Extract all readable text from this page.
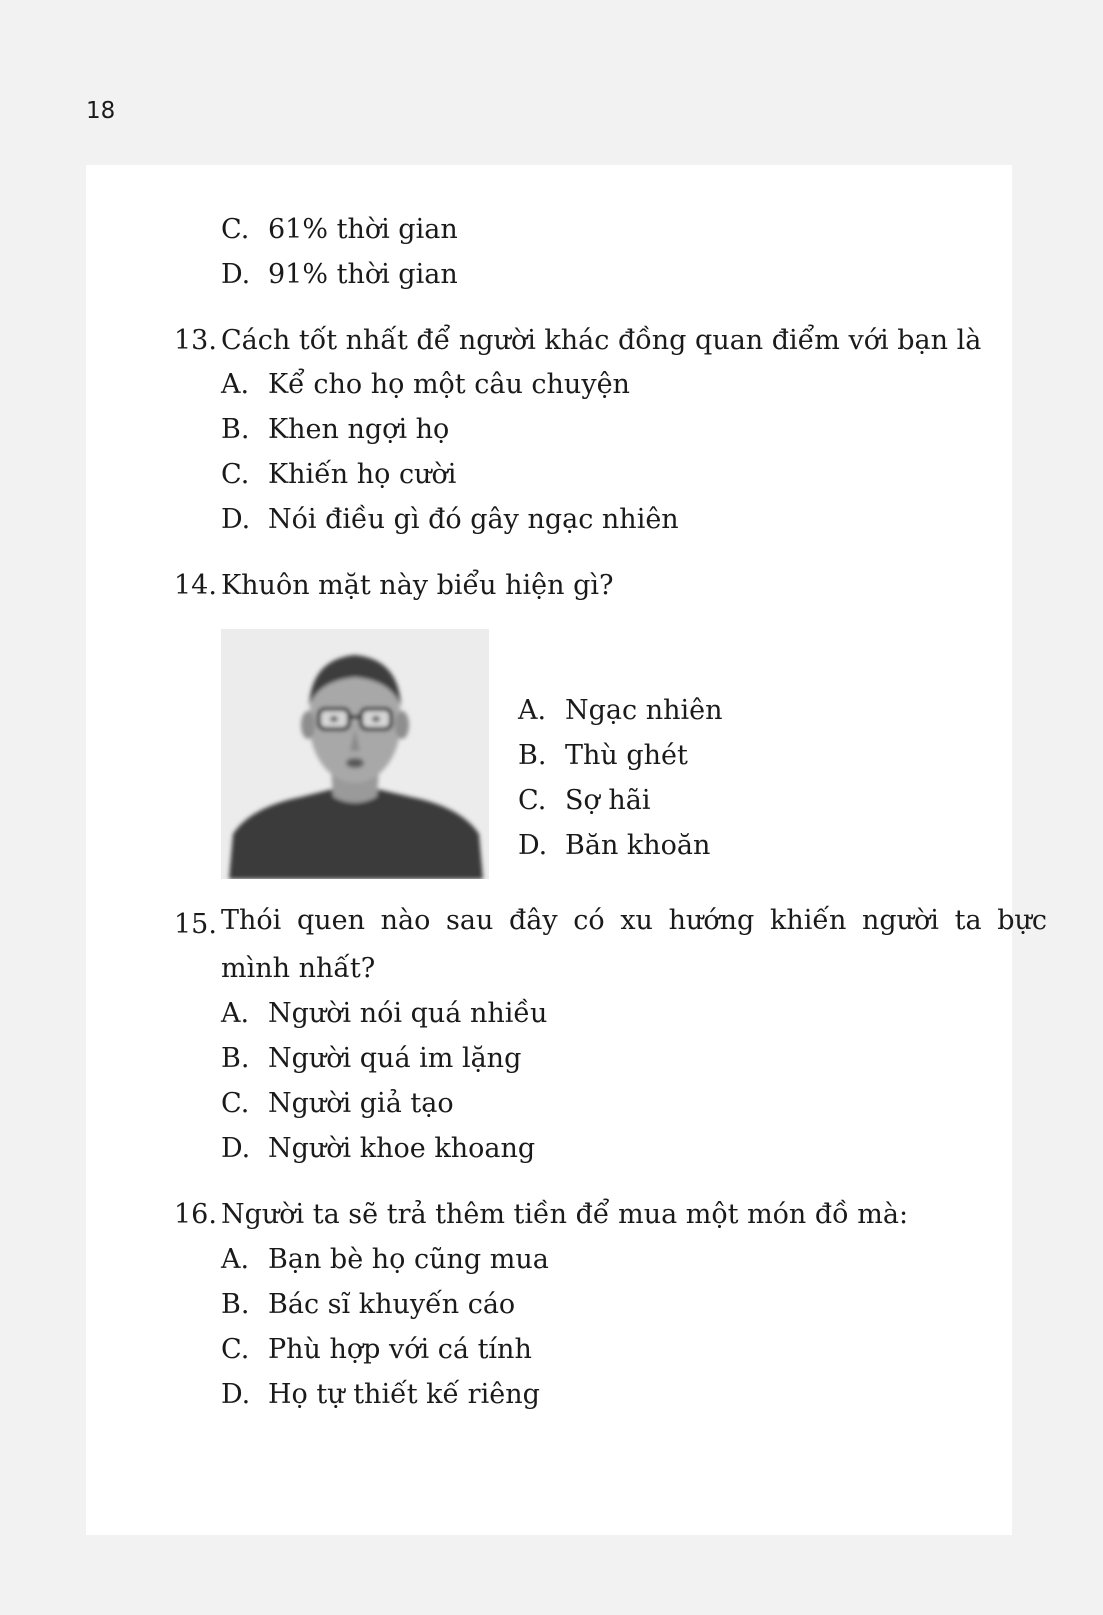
18
C. 61% thời gian
D. 91% thời gian
13. Cách tốt nhất để người khác đồng quan điểm với bạn là
A. Kể cho họ một câu chuyện
B. Khen ngợi họ
C. Khiến họ cười
D. Nói điều gì đó gây ngạc nhiên
14. Khuôn mặt này biểu hiện gì?
A. Ngạc nhiên
B. Thù ghét
C. Sợ hãi
D. Băn khoăn
15. Thói quen nào sau đây có xu hướng khiến người ta bực
mình nhất?
A. Người nói quá nhiều
B. Người quá im lặng
C. Người giả tạo
D. Người khoe khoang
16. Người ta sẽ trả thêm tiền để mua một món đồ mà:
A. Bạn bè họ cũng mua
B. Bác sĩ khuyến cáo
C. Phù hợp với cá tính
D. Họ tự thiết kế riêng
